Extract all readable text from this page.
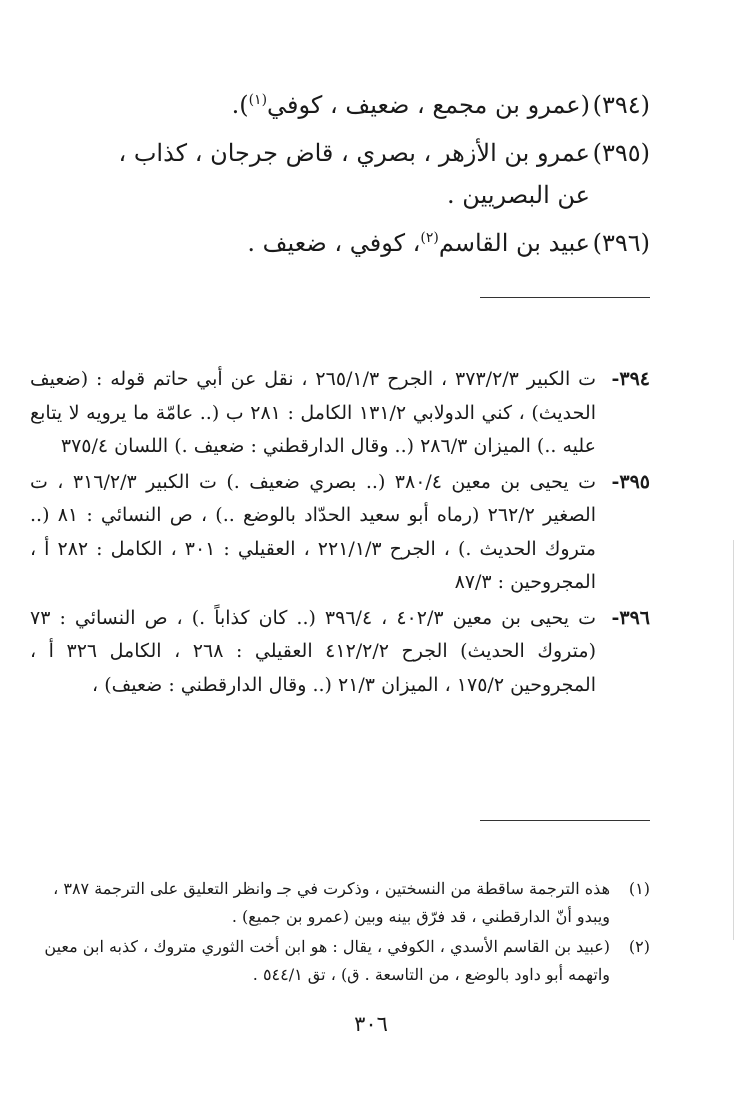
(٣٩٤)
(عمرو بن مجمع ، ضعيف ، كوفي$^{(١)}$).
(٣٩٥)
عمرو بن الأزهر ، بصري ، قاض جرجان ، كذاب ، عن البصريين .
(٣٩٦)
عبيد بن القاسم$^{(٢)}$، كوفي ، ضعيف .
٣٩٤-
ت الكبير ٣٧٣/٢/٣ ، الجرح ٢٦٥/١/٣ ، نقل عن أبي حاتم قوله : (ضعيف الحديث) ، كني الدولابي ١٣١/٢ الكامل : ٢٨١ ب (.. عامّة ما يرويه لا يتابع عليه ..) الميزان ٢٨٦/٣ (.. وقال الدارقطني : ضعيف .) اللسان ٣٧٥/٤
٣٩٥-
ت يحيى بن معين ٣٨٠/٤ (.. بصري ضعيف .) ت الكبير ٣١٦/٢/٣ ، ت الصغير ٢٦٢/٢ (رماه أبو سعيد الحدّاد بالوضع ..) ، ص النسائي : ٨١ (.. متروك الحديث .) ، الجرح ٢٢١/١/٣ ، العقيلي : ٣٠١ ، الكامل : ٢٨٢ أ ، المجروحين : ٨٧/٣
٣٩٦-
ت يحيى بن معين ٤٠٢/٣ ، ٣٩٦/٤ (.. كان كذاباً .) ، ص النسائي : ٧٣ (متروك الحديث) الجرح ٤١٢/٢/٢ العقيلي : ٢٦٨ ، الكامل ٣٢٦ أ ، المجروحين ١٧٥/٢ ، الميزان ٢١/٣ (.. وقال الدارقطني : ضعيف) ،
(١)
هذه الترجمة ساقطة من النسختين ، وذكرت في جـ وانظر التعليق على الترجمة ٣٨٧ ، ويبدو أنّ الدارقطني ، قد فرّق بينه وبين (عمرو بن جميع) .
(٢)
(عبيد بن القاسم الأسدي ، الكوفي ، يقال : هو ابن أخت الثوري متروك ، كذبه ابن معين واتهمه أبو داود بالوضع ، من التاسعة . ق) ، تق ٥٤٤/١ .
٣٠٦
